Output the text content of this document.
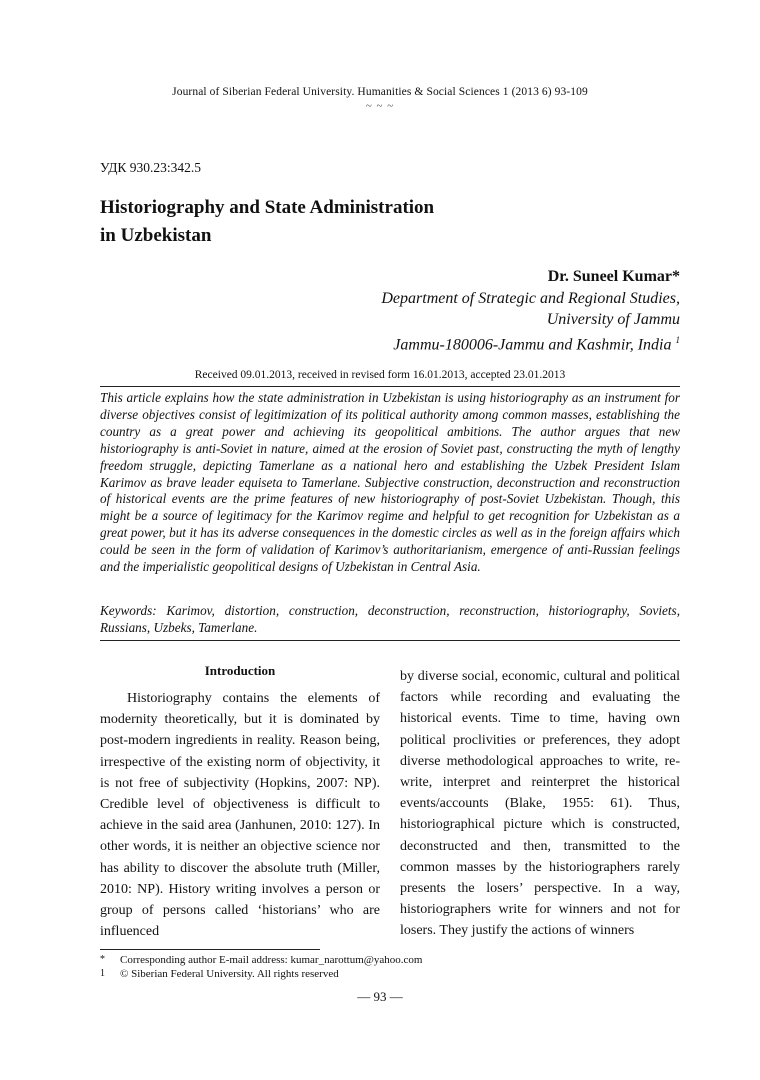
Journal of Siberian Federal University. Humanities & Social Sciences 1 (2013 6) 93-109
~ ~ ~
УДК 930.23:342.5
Historiography and State Administration
in Uzbekistan
Dr. Suneel Kumar*
Department of Strategic and Regional Studies,
University of Jammu
Jammu-180006-Jammu and Kashmir, India $^1$
Received 09.01.2013, received in revised form 16.01.2013, accepted 23.01.2013

This article explains how the state administration in Uzbekistan is using historiography as an instrument for diverse objectives consist of legitimization of its political authority among common masses, establishing the country as a great power and achieving its geopolitical ambitions. The author argues that new historiography is anti-Soviet in nature, aimed at the erosion of Soviet past, constructing the myth of lengthy freedom struggle, depicting Tamerlane as a national hero and establishing the Uzbek President Islam Karimov as brave leader equiseta to Tamerlane. Subjective construction, deconstruction and reconstruction of historical events are the prime features of new historiography of post-Soviet Uzbekistan. Though, this might be a source of legitimacy for the Karimov regime and helpful to get recognition for Uzbekistan as a great power, but it has its adverse consequences in the domestic circles as well as in the foreign affairs which could be seen in the form of validation of Karimov’s authoritarianism, emergence of anti-Russian feelings and the imperialistic geopolitical designs of Uzbekistan in Central Asia.

Keywords: Karimov, distortion, construction, deconstruction, reconstruction, historiography, Soviets, Russians, Uzbeks, Tamerlane.

Introduction

Historiography contains the elements of modernity theoretically, but it is dominated by post-modern ingredients in reality. Reason being, irrespective of the existing norm of objectivity, it is not free of subjectivity (Hopkins, 2007: NP). Credible level of objectiveness is difficult to achieve in the said area (Janhunen, 2010: 127). In other words, it is neither an objective science nor has ability to discover the absolute truth (Miller, 2010: NP). History writing involves a person or group of persons called ‘historians’ who are influenced

by diverse social, economic, cultural and political factors while recording and evaluating the historical events. Time to time, having own political proclivities or preferences, they adopt diverse methodological approaches to write, re-write, interpret and reinterpret the historical events/accounts (Blake, 1955: 61). Thus, historiographical picture which is constructed, deconstructed and then, transmitted to the common masses by the historiographers rarely presents the losers’ perspective. In a way, historiographers write for winners and not for losers. They justify the actions of winners

*	Corresponding author E-mail address: kumar_narottum@yahoo.com
1	© Siberian Federal University. All rights reserved
— 93 —
